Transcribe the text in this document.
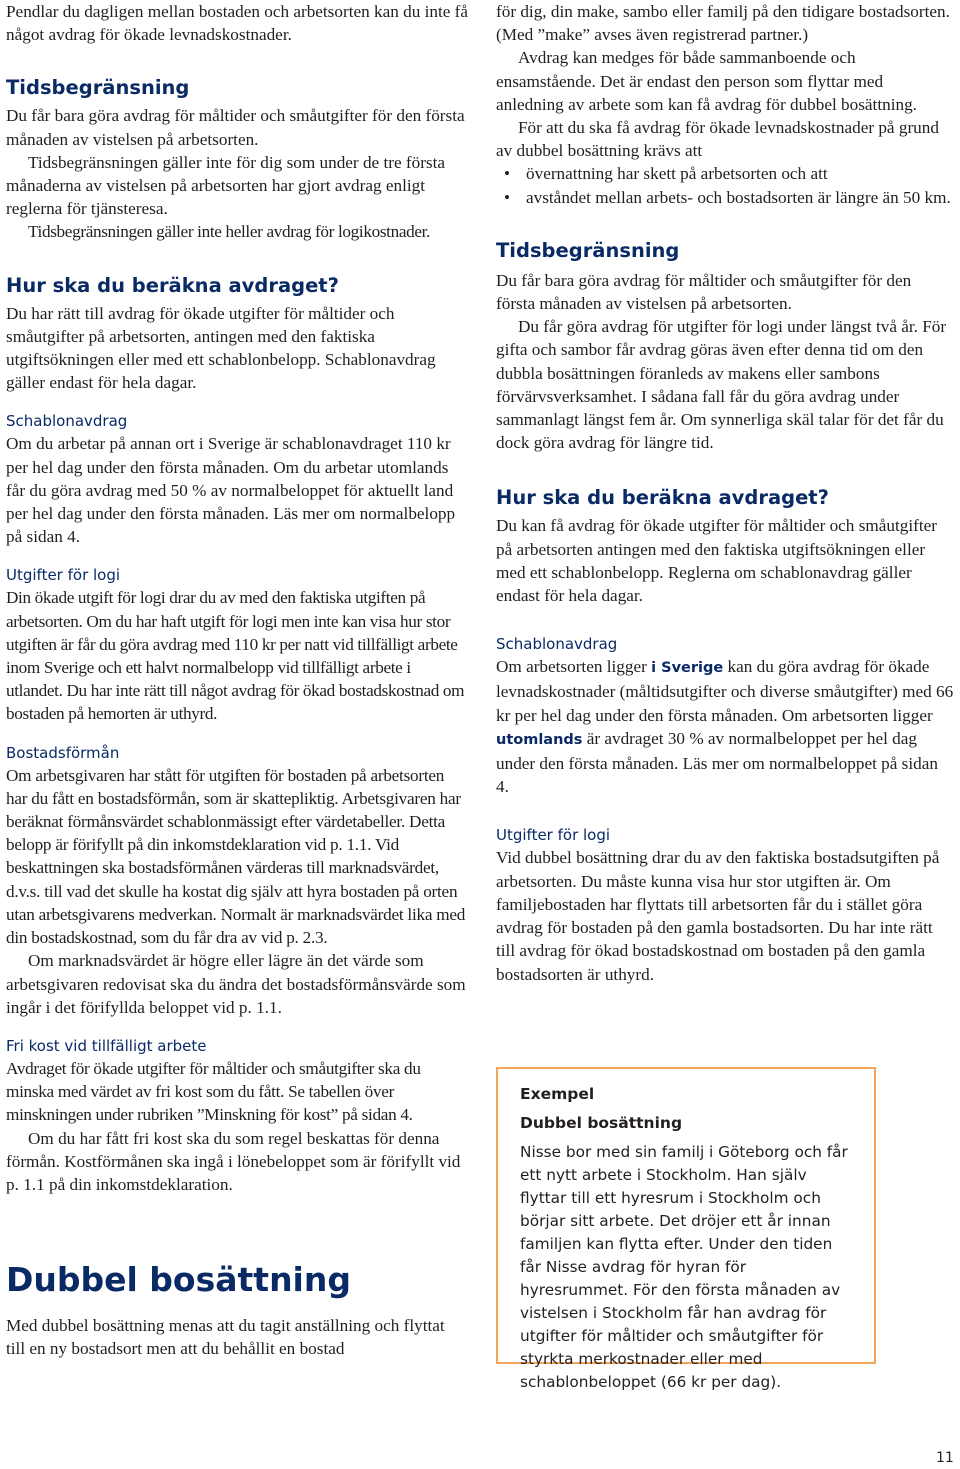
Pendlar du dagligen mellan bostaden och arbetsorten kan du inte få något avdrag för ökade levnadskostnader.

Tidsbegränsning

Du får bara göra avdrag för måltider och småutgifter för den första månaden av vistelsen på arbetsorten.

Tidsbegränsningen gäller inte för dig som under de tre första månaderna av vistelsen på arbetsorten har gjort avdrag enligt reglerna för tjänsteresa.

Tidsbegränsningen gäller inte heller avdrag för logikostnader.

Hur ska du beräkna avdraget?

Du har rätt till avdrag för ökade utgifter för måltider och småutgifter på arbetsorten, antingen med den faktiska utgiftsökningen eller med ett schablonbelopp. Schablonavdrag gäller endast för hela dagar.

Schablonavdrag

Om du arbetar på annan ort i Sverige är schablonavdraget 110 kr per hel dag under den första månaden. Om du arbetar utomlands får du göra avdrag med 50 % av normalbeloppet för aktuellt land per hel dag under den första månaden. Läs mer om normalbelopp på sidan 4.

Utgifter för logi

Din ökade utgift för logi drar du av med den faktiska utgiften på arbetsorten. Om du har haft utgift för logi men inte kan visa hur stor utgiften är får du göra avdrag med 110 kr per natt vid tillfälligt arbete inom Sverige och ett halvt normalbelopp vid tillfälligt arbete i utlandet. Du har inte rätt till något avdrag för ökad bostadskostnad om bostaden på hemorten är uthyrd.

Bostadsförmån

Om arbetsgivaren har stått för utgiften för bostaden på arbetsorten har du fått en bostadsförmån, som är skattepliktig. Arbetsgivaren har beräknat förmånsvärdet schablonmässigt efter värdetabeller. Detta belopp är förifyllt på din inkomstdeklaration vid p. 1.1. Vid beskattningen ska bostadsförmånen värderas till marknadsvärdet, d.v.s. till vad det skulle ha kostat dig själv att hyra bostaden på orten utan arbetsgivarens medverkan. Normalt är marknadsvärdet lika med din bostadskostnad, som du får dra av vid p. 2.3.

Om marknadsvärdet är högre eller lägre än det värde som arbetsgivaren redovisat ska du ändra det bostadsförmånsvärde som ingår i det förifyllda beloppet vid p. 1.1.

Fri kost vid tillfälligt arbete

Avdraget för ökade utgifter för måltider och småutgifter ska du minska med värdet av fri kost som du fått. Se tabellen över minskningen under rubriken ”Minskning för kost” på sidan 4.

Om du har fått fri kost ska du som regel beskattas för denna förmån. Kostförmånen ska ingå i lönebeloppet som är förifyllt vid p. 1.1 på din inkomstdeklaration.

Dubbel bosättning

Med dubbel bosättning menas att du tagit anställning och flyttat till en ny bostadsort men att du behållit en bostad

för dig, din make, sambo eller familj på den tidigare bostadsorten. (Med ”make” avses även registrerad partner.)

Avdrag kan medges för både sammanboende och ensamstående. Det är endast den person som flyttar med anledning av arbete som kan få avdrag för dubbel bosättning.

För att du ska få avdrag för ökade levnadskostnader på grund av dubbel bosättning krävs att

• övernattning har skett på arbetsorten och att
• avståndet mellan arbets- och bostadsorten är längre än 50 km.
Tidsbegränsning

Du får bara göra avdrag för måltider och småutgifter för den första månaden av vistelsen på arbetsorten.

Du får göra avdrag för utgifter för logi under längst två år. För gifta och sambor får avdrag göras även efter denna tid om den dubbla bosättningen föranleds av makens eller sambons förvärvsverksamhet. I sådana fall får du göra avdrag under sammanlagt längst fem år. Om synnerliga skäl talar för det får du dock göra avdrag för längre tid.

Hur ska du beräkna avdraget?

Du kan få avdrag för ökade utgifter för måltider och småutgifter på arbetsorten antingen med den faktiska utgiftsökningen eller med ett schablonbelopp. Reglerna om schablonavdrag gäller endast för hela dagar.

Schablonavdrag

Om arbetsorten ligger i Sverige kan du göra avdrag för ökade levnadskostnader (måltidsutgifter och diverse småutgifter) med 66 kr per hel dag under den första månaden. Om arbetsorten ligger utomlands är avdraget 30 % av normalbeloppet per hel dag under den första månaden. Läs mer om normalbeloppet på sidan 4.

Utgifter för logi

Vid dubbel bosättning drar du av den faktiska bostadsutgiften på arbetsorten. Du måste kunna visa hur stor utgiften är. Om familjebostaden har flyttats till arbetsorten får du i stället göra avdrag för bostaden på den gamla bostadsorten. Du har inte rätt till avdrag för ökad bostadskostnad om bostaden på den gamla bostadsorten är uthyrd.

Exempel
Dubbel bosättning
Nisse bor med sin familj i Göteborg och får ett nytt arbete i Stockholm. Han själv flyttar till ett hyresrum i Stockholm och börjar sitt arbete. Det dröjer ett år innan familjen kan flytta efter. Under den tiden får Nisse avdrag för hyran för hyresrummet. För den första månaden av vistelsen i Stockholm får han avdrag för utgifter för måltider och småutgifter för styrkta merkostnader eller med schablonbeloppet (66 kr per dag).
11
